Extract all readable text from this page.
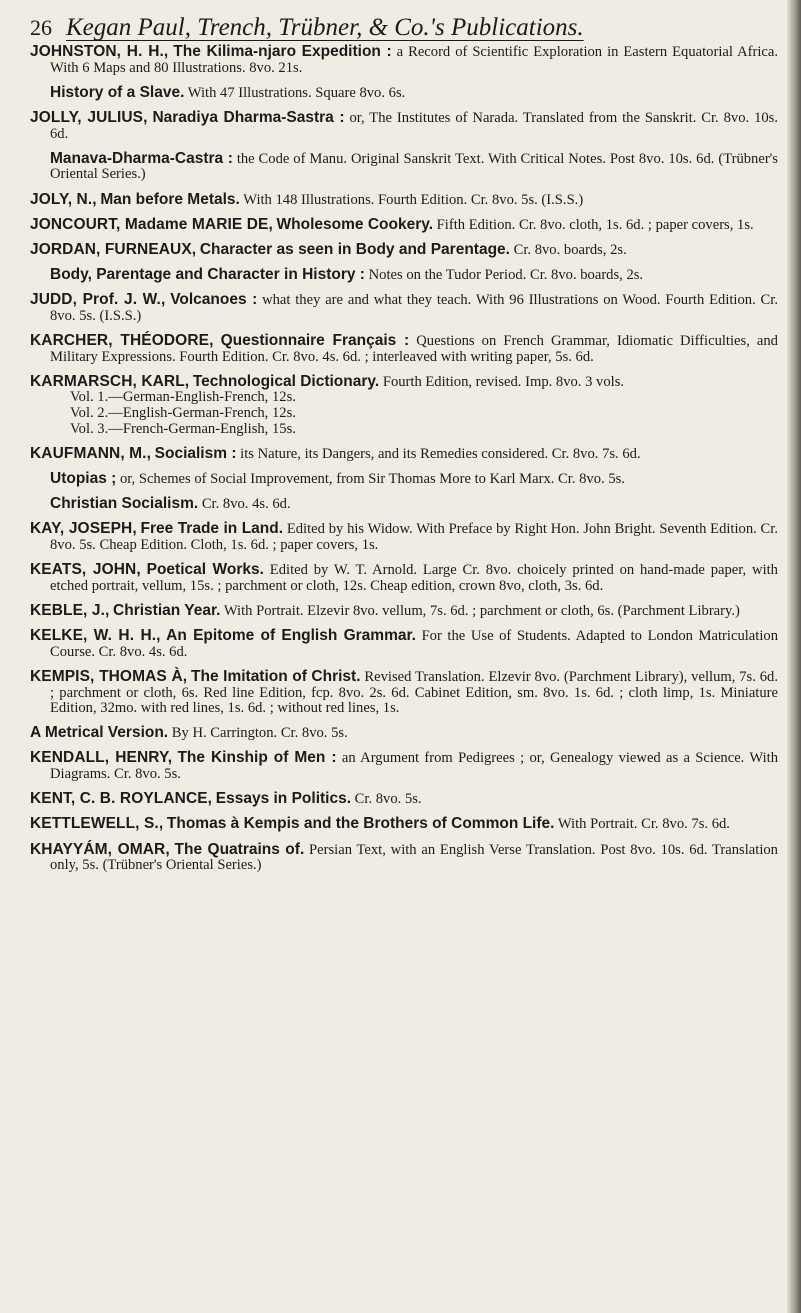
26 Kegan Paul, Trench, Trübner, & Co.'s Publications.
JOHNSTON, H. H., The Kilima-njaro Expedition : a Record of Scientific Exploration in Eastern Equatorial Africa. With 6 Maps and 80 Illustrations. 8vo. 21s.
History of a Slave. With 47 Illustrations. Square 8vo. 6s.
JOLLY, JULIUS, Naradiya Dharma-Sastra : or, The Institutes of Narada. Translated from the Sanskrit. Cr. 8vo. 10s. 6d.
Manava-Dharma-Castra : the Code of Manu. Original Sanskrit Text. With Critical Notes. Post 8vo. 10s. 6d. (Trübner's Oriental Series.)
JOLY, N., Man before Metals. With 148 Illustrations. Fourth Edition. Cr. 8vo. 5s. (I.S.S.)
JONCOURT, Madame MARIE DE, Wholesome Cookery. Fifth Edition. Cr. 8vo. cloth, 1s. 6d. ; paper covers, 1s.
JORDAN, FURNEAUX, Character as seen in Body and Parentage. Cr. 8vo. boards, 2s.
Body, Parentage and Character in History : Notes on the Tudor Period. Cr. 8vo. boards, 2s.
JUDD, Prof. J. W., Volcanoes : what they are and what they teach. With 96 Illustrations on Wood. Fourth Edition. Cr. 8vo. 5s. (I.S.S.)
KARCHER, THÉODORE, Questionnaire Français : Questions on French Grammar, Idiomatic Difficulties, and Military Expressions. Fourth Edition. Cr. 8vo. 4s. 6d. ; interleaved with writing paper, 5s. 6d.
KARMARSCH, KARL, Technological Dictionary. Fourth Edition, revised. Imp. 8vo. 3 vols.
Vol. 1.—German-English-French, 12s.
Vol. 2.—English-German-French, 12s.
Vol. 3.—French-German-English, 15s.
KAUFMANN, M., Socialism : its Nature, its Dangers, and its Remedies considered. Cr. 8vo. 7s. 6d.
Utopias ; or, Schemes of Social Improvement, from Sir Thomas More to Karl Marx. Cr. 8vo. 5s.
Christian Socialism. Cr. 8vo. 4s. 6d.
KAY, JOSEPH, Free Trade in Land. Edited by his Widow. With Preface by Right Hon. John Bright. Seventh Edition. Cr. 8vo. 5s. Cheap Edition. Cloth, 1s. 6d. ; paper covers, 1s.
KEATS, JOHN, Poetical Works. Edited by W. T. Arnold. Large Cr. 8vo. choicely printed on hand-made paper, with etched portrait, vellum, 15s. ; parchment or cloth, 12s. Cheap edition, crown 8vo, cloth, 3s. 6d.
KEBLE, J., Christian Year. With Portrait. Elzevir 8vo. vellum, 7s. 6d. ; parchment or cloth, 6s. (Parchment Library.)
KELKE, W. H. H., An Epitome of English Grammar. For the Use of Students. Adapted to London Matriculation Course. Cr. 8vo. 4s. 6d.
KEMPIS, THOMAS À, The Imitation of Christ. Revised Translation. Elzevir 8vo. (Parchment Library), vellum, 7s. 6d. ; parchment or cloth, 6s. Red line Edition, fcp. 8vo. 2s. 6d. Cabinet Edition, sm. 8vo. 1s. 6d. ; cloth limp, 1s. Miniature Edition, 32mo. with red lines, 1s. 6d. ; without red lines, 1s.
A Metrical Version. By H. Carrington. Cr. 8vo. 5s.
KENDALL, HENRY, The Kinship of Men : an Argument from Pedigrees ; or, Genealogy viewed as a Science. With Diagrams. Cr. 8vo. 5s.
KENT, C. B. ROYLANCE, Essays in Politics. Cr. 8vo. 5s.
KETTLEWELL, S., Thomas à Kempis and the Brothers of Common Life. With Portrait. Cr. 8vo. 7s. 6d.
KHAYYÁM, OMAR, The Quatrains of. Persian Text, with an English Verse Translation. Post 8vo. 10s. 6d. Translation only, 5s. (Trübner's Oriental Series.)
